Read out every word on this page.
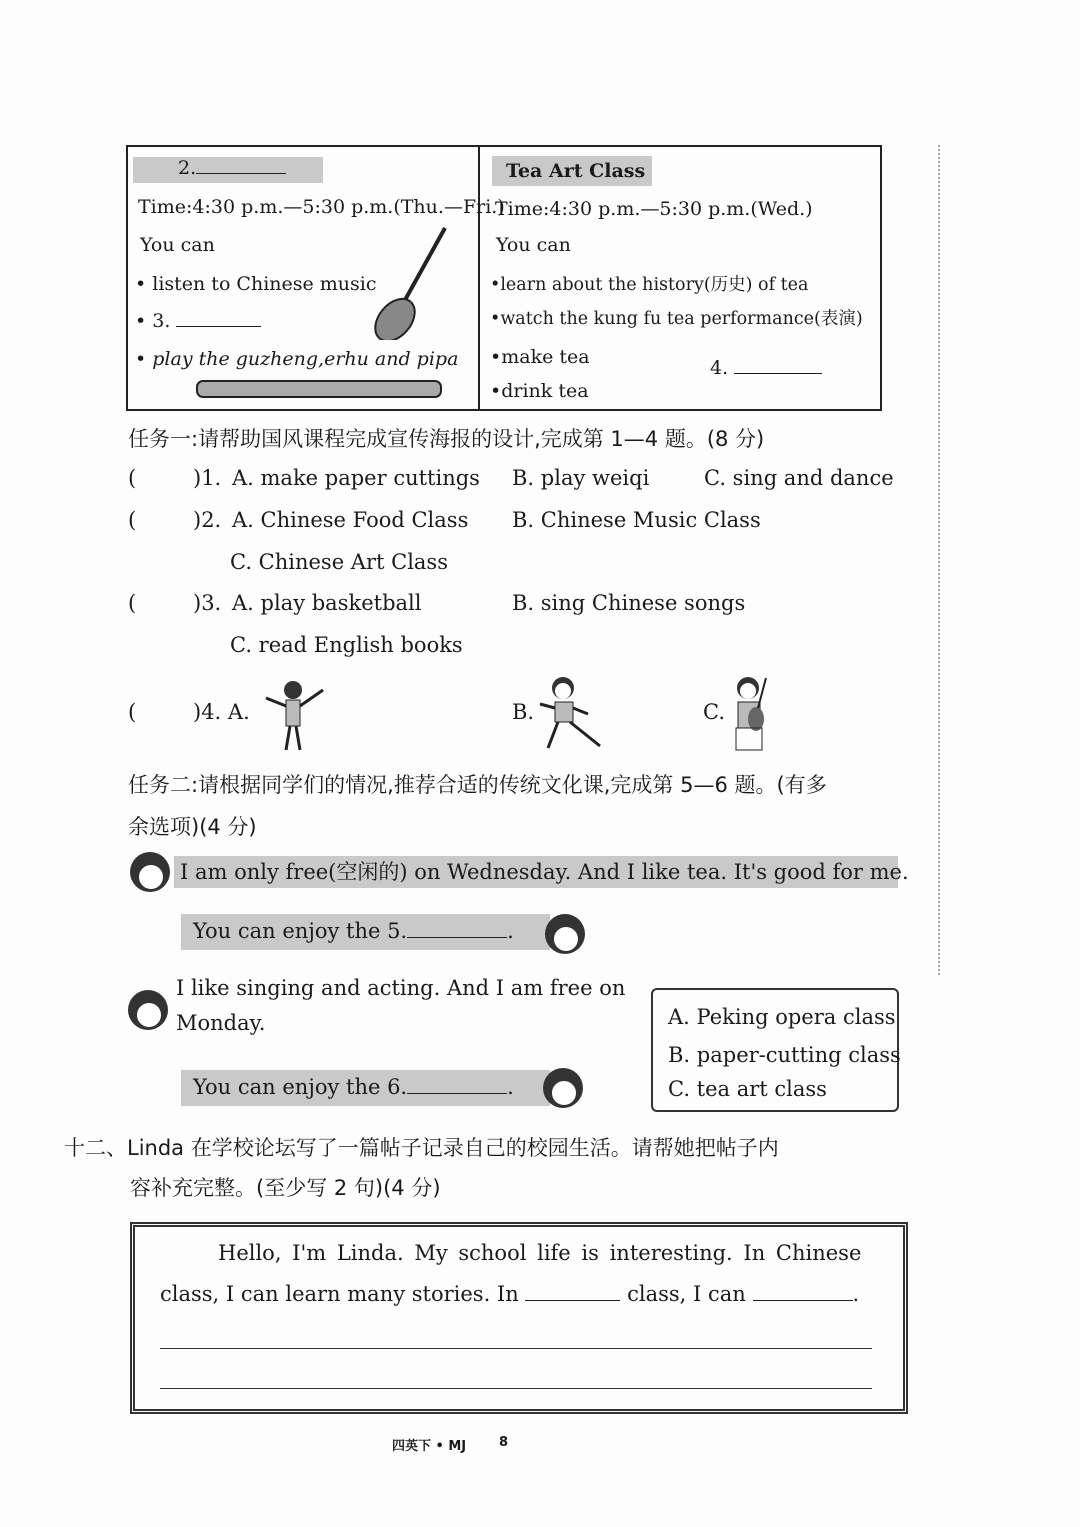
2.
Time:4:30 p.m.—5:30 p.m.(Thu.—Fri.)
You can
• listen to Chinese music
• 3.
• play the guzheng,erhu and pipa
Tea Art Class
Time:4:30 p.m.—5:30 p.m.(Wed.)
You can
•learn about the history(历史) of tea
•watch the kung fu tea performance(表演)
•make tea
•drink tea
4.
任务一:请帮助国风课程完成宣传海报的设计,完成第 1—4 题。(8 分)
(	)1. A. make paper cuttings B. play weiqi	C. sing and dance
(	)2. A. Chinese Food Class B. Chinese Music Class
C. Chinese Art Class
(	)3. A. play basketball	B. sing Chinese songs
C. read English books
(	)4. A.	B.	C.
任务二:请根据同学们的情况,推荐合适的传统文化课,完成第 5—6 题。(有多
余选项)(4 分)
I am only free(空闲的) on Wednesday. And I like tea. It's good for me.
You can enjoy the 5.	.
I like singing and acting. And I am free on
Monday.
You can enjoy the 6.	.
A. Peking opera class
B. paper-cutting class
C. tea art class
十二、Linda 在学校论坛写了一篇帖子记录自己的校园生活。请帮她把帖子内
容补充完整。(至少写 2 句)(4 分)
Hello, I'm Linda. My school life is interesting. In Chinese
class, I can learn many stories. In	class, I can	.
四英下 • MJ	8
